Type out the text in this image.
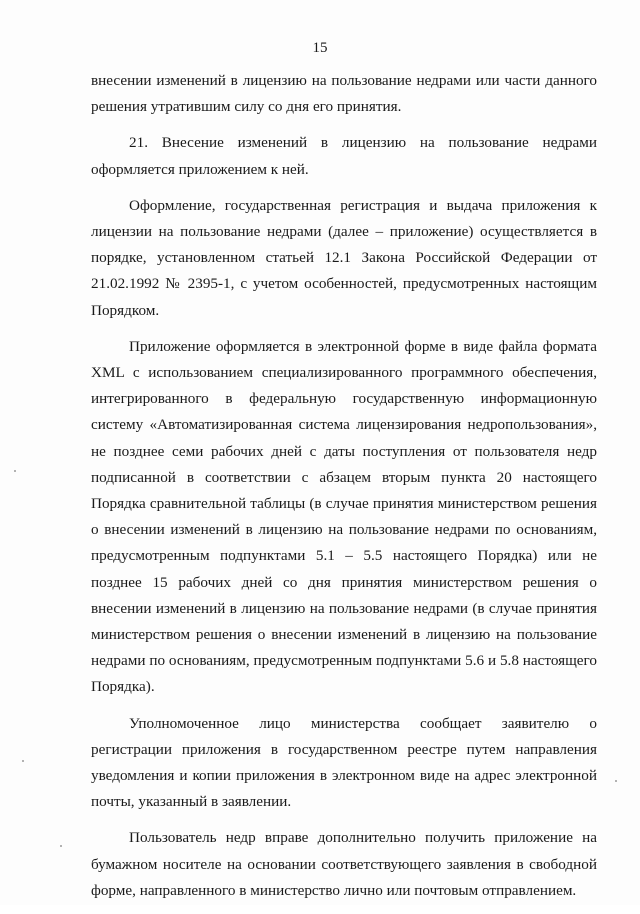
15

внесении изменений в лицензию на пользование недрами или части данного решения утратившим силу со дня его принятия.

21. Внесение изменений в лицензию на пользование недрами оформляется приложением к ней.

Оформление, государственная регистрация и выдача приложения к лицензии на пользование недрами (далее – приложение) осуществляется в порядке, установленном статьей 12.1 Закона Российской Федерации от 21.02.1992 № 2395-1, с учетом особенностей, предусмотренных настоящим Порядком.

Приложение оформляется в электронной форме в виде файла формата XML с использованием специализированного программного обеспечения, интегрированного в федеральную государственную информационную систему «Автоматизированная система лицензирования недропользования», не позднее семи рабочих дней с даты поступления от пользователя недр подписанной в соответствии с абзацем вторым пункта 20 настоящего Порядка сравнительной таблицы (в случае принятия министерством решения о внесении изменений в лицензию на пользование недрами по основаниям, предусмотренным подпунктами 5.1 – 5.5 настоящего Порядка) или не позднее 15 рабочих дней со дня принятия министерством решения о внесении изменений в лицензию на пользование недрами (в случае принятия министерством решения о внесении изменений в лицензию на пользование недрами по основаниям, предусмотренным подпунктами 5.6 и 5.8 настоящего Порядка).

Уполномоченное лицо министерства сообщает заявителю о регистрации приложения в государственном реестре путем направления уведомления и копии приложения в электронном виде на адрес электронной почты, указанный в заявлении.

Пользователь недр вправе дополнительно получить приложение на бумажном носителе на основании соответствующего заявления в свободной форме, направленного в министерство лично или почтовым отправлением.
